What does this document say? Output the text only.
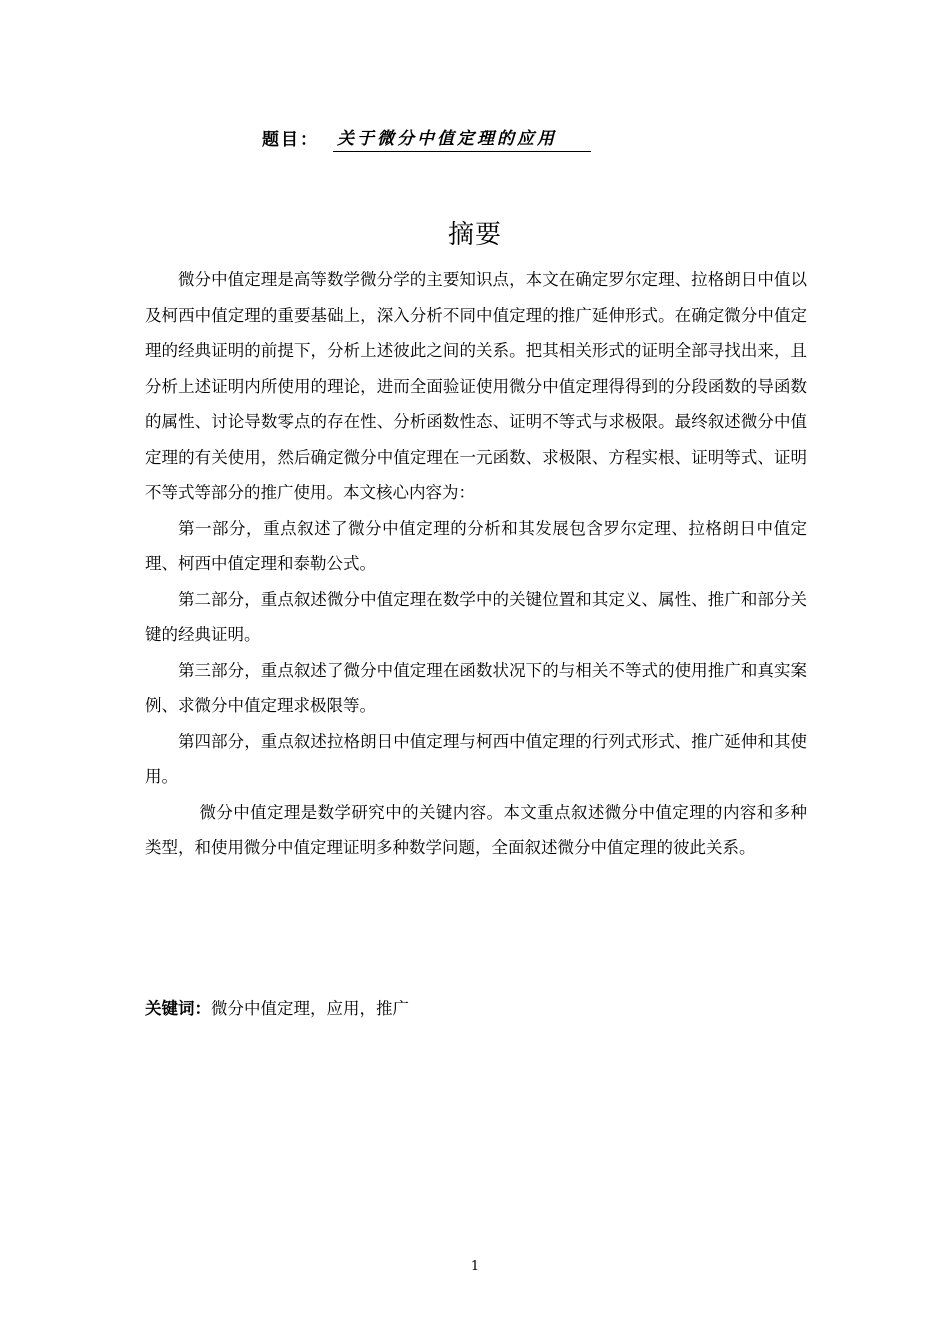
题目： 关于微分中值定理的应用
摘要

微分中值定理是高等数学微分学的主要知识点，本文在确定罗尔定理、拉格朗日中值以及柯西中值定理的重要基础上，深入分析不同中值定理的推广延伸形式。在确定微分中值定理的经典证明的前提下，分析上述彼此之间的关系。把其相关形式的证明全部寻找出来，且分析上述证明内所使用的理论，进而全面验证使用微分中值定理得得到的分段函数的导函数的属性、讨论导数零点的存在性、分析函数性态、证明不等式与求极限。最终叙述微分中值定理的有关使用，然后确定微分中值定理在一元函数、求极限、方程实根、证明等式、证明不等式等部分的推广使用。本文核心内容为：

第一部分，重点叙述了微分中值定理的分析和其发展包含罗尔定理、拉格朗日中值定理、柯西中值定理和泰勒公式。

第二部分，重点叙述微分中值定理在数学中的关键位置和其定义、属性、推广和部分关键的经典证明。

第三部分，重点叙述了微分中值定理在函数状况下的与相关不等式的使用推广和真实案例、求微分中值定理求极限等。

第四部分，重点叙述拉格朗日中值定理与柯西中值定理的行列式形式、推广延伸和其使用。

微分中值定理是数学研究中的关键内容。本文重点叙述微分中值定理的内容和多种类型，和使用微分中值定理证明多种数学问题，全面叙述微分中值定理的彼此关系。

关键词：微分中值定理，应用，推广
1
